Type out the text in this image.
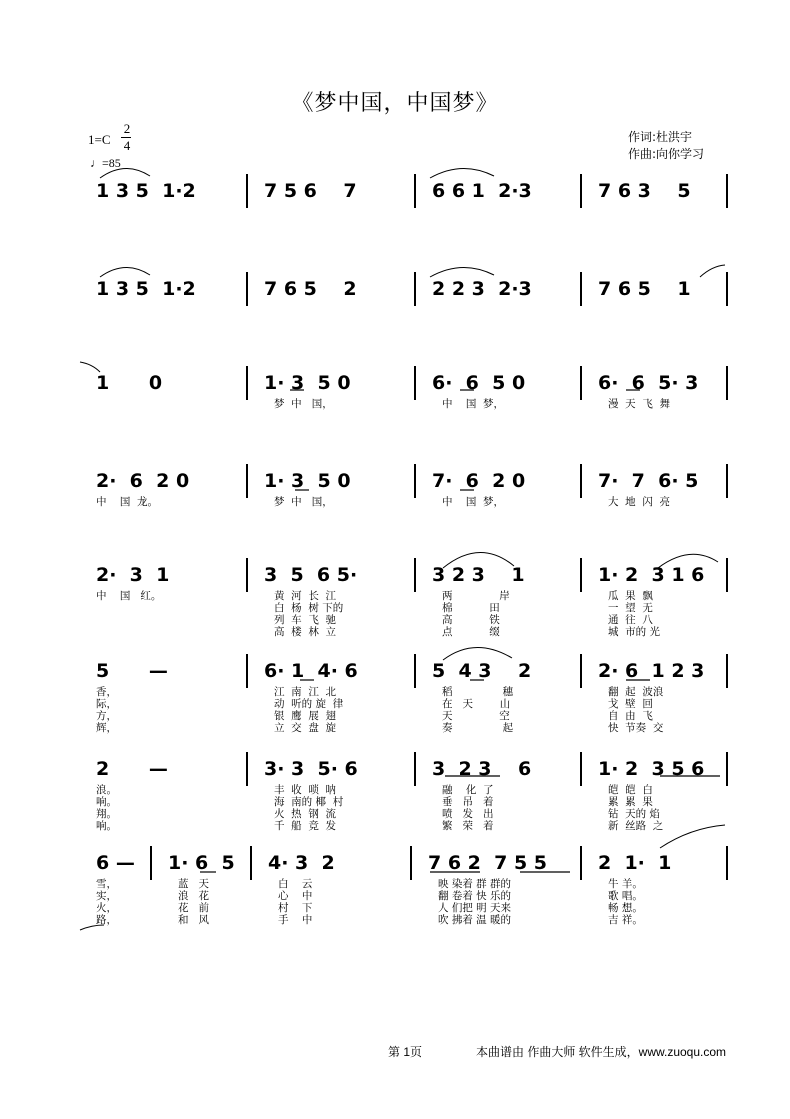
《梦中国，中国梦》
1=C
2
4
♩=85
作词:杜洪宇
作曲:向你学习
1 3 5  1·2	7 5 6    7	6 6 1  2·3	7 6 3    5
1 3 5  1·2	7 6 5    2	2 2 3  2·3	7 6 5    1
1      0	1· 3  5 0	6·  6  5 0	6·  6  5· 3
梦  中   国，	中    国  梦，	漫  天  飞  舞
2·  6  2 0	1· 3  5 0	7·  6  2 0	7·  7  6· 5
中    国  龙。	梦  中   国，	中    国  梦，	大  地  闪  亮
2·  3  1	3  5  6 5·	3 2 3    1	1· 2  3 1 6
中    国   红。	黄  河  长  江	两              岸	瓜  果  飘
白  杨  树 下的	棉           田	一  望  无
列  车  飞  驰	高           铁	通  往  八
高  楼  林  立	点           缀	城  市的 光
5      —	6· 1  4· 6	5  4 3    2	2· 6  1 2 3
香，	江  南  江  北	稻               穗	翻  起  波浪
际，	动  听的 旋  律	在   天        山	戈  壁  回
方，	银  鹰  展  翅	天              空	自  由  飞
辉，	立  交  盘  旋	奏               起	快  节奏  交
2      —	3· 3  5· 6	3  2 3    6	1· 2  3 5 6
浪。	丰  收  唢  呐	融    化  了	皑  皑  白
响。	海  南的 椰  村	垂   吊   着	累  累  果
翔。	火  热  钢  流	喷   发   出	钻  天的 焰
响。	千  船  竞  发	繁   荣   着	新  丝路  之
6 — 1· 6  5 4· 3  2	7 6 2  7 5 5	2  1·  1
雪，	蓝   天	白    云	映 染着 群 群的	牛 羊。
实，	浪   花	心    中	翻 卷着 快 乐的	歌 唱。
火，	花   前	村    下	人 们把 明 天来	畅 想。
路，	和   风	手    中	吹 拂着 温 暖的	吉 祥。
第 1页	本曲谱由 作曲大师 软件生成，www.zuoqu.com
